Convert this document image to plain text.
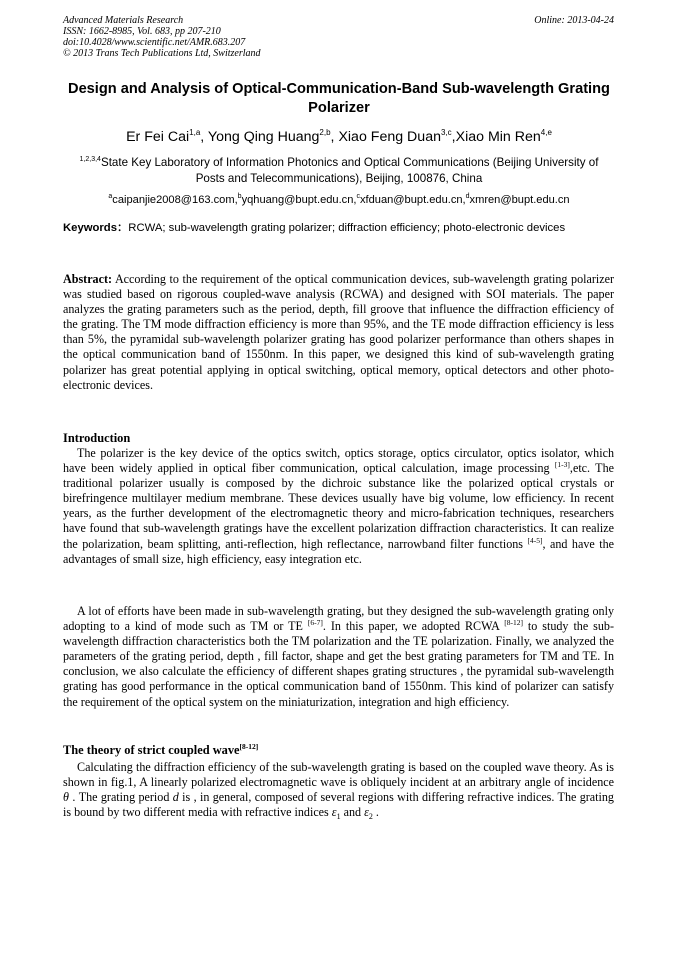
Advanced Materials Research
ISSN: 1662-8985, Vol. 683, pp 207-210
doi:10.4028/www.scientific.net/AMR.683.207
© 2013 Trans Tech Publications Ltd, Switzerland
Online: 2013-04-24
Design and Analysis of Optical-Communication-Band Sub-wavelength Grating Polarizer
Er Fei Cai$^{1,a}$, Yong Qing Huang$^{2,b}$, Xiao Feng Duan$^{3,c}$,Xiao Min Ren$^{4,e}$
$^{1,2,3,4}$State Key Laboratory of Information Photonics and Optical Communications (Beijing University of Posts and Telecommunications), Beijing, 100876, China
$^a$caipanjie2008@163.com,$^b$yqhuang@bupt.edu.cn,$^c$xfduan@bupt.edu.cn,$^d$xmren@bupt.edu.cn
Keywords：RCWA; sub-wavelength grating polarizer; diffraction efficiency; photo-electronic devices

Abstract: According to the requirement of the optical communication devices, sub-wavelength grating polarizer was studied based on rigorous coupled-wave analysis (RCWA) and designed with SOI materials. The paper analyzes the grating parameters such as the period, depth, fill groove that influence the diffraction efficiency of the grating. The TM mode diffraction efficiency is more than 95%, and the TE mode diffraction efficiency is less than 5%, the pyramidal sub-wavelength polarizer grating has good polarizer performance than others shapes in the optical communication band of 1550nm. In this paper, we designed this kind of sub-wavelength grating polarizer has great potential applying in optical switching, optical memory, optical detectors and other photo-electronic devices.

Introduction

The polarizer is the key device of the optics switch, optics storage, optics circulator, optics isolator, which have been widely applied in optical fiber communication, optical calculation, image processing [1-3],etc. The traditional polarizer usually is composed by the dichroic substance like the polarized optical crystals or birefringence multilayer medium membrane. These devices usually have big volume, low efficiency. In recent years, as the further development of the electromagnetic theory and micro-fabrication techniques, researchers have found that sub-wavelength gratings have the excellent polarization diffraction characteristics. It can realize the polarization, beam splitting, anti-reflection, high reflectance, narrowband filter functions [4-5], and have the advantages of small size, high efficiency, easy integration etc.

A lot of efforts have been made in sub-wavelength grating, but they designed the sub-wavelength grating only adopting to a kind of mode such as TM or TE [6-7]. In this paper, we adopted RCWA [8-12] to study the sub-wavelength diffraction characteristics both the TM polarization and the TE polarization. Finally, we analyzed the parameters of the grating period, depth , fill factor, shape and get the best grating parameters for TM and TE. In conclusion, we also calculate the efficiency of different shapes grating structures , the pyramidal sub-wavelength grating has good performance in the optical communication band of 1550nm. This kind of polarizer can satisfy the requirement of the optical system on the miniaturization, integration and high efficiency.

The theory of strict coupled wave[8-12]

Calculating the diffraction efficiency of the sub-wavelength grating is based on the coupled wave theory. As is shown in fig.1, A linearly polarized electromagnetic wave is obliquely incident at an arbitrary angle of incidence θ . The grating period d is , in general, composed of several regions with differing refractive indices. The grating is bound by two different media with refractive indices $\varepsilon_1$ and $\varepsilon_2$ .
